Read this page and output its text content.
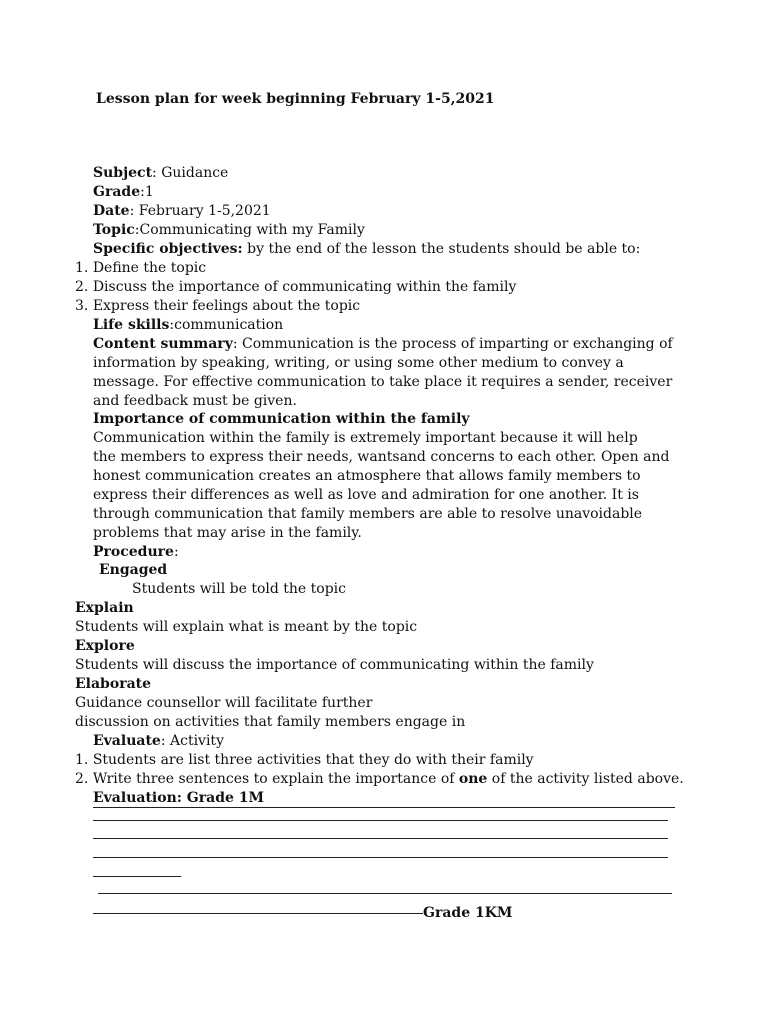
Lesson plan for week beginning February 1-5,2021
Subject: Guidance
Grade:1
Date: February 1-5,2021
Topic:Communicating with my Family
Specific objectives: by the end of the lesson the students should be able to:
1. Define the topic
2. Discuss the importance of communicating within the family
3. Express their feelings about the topic
Life skills:communication
Content summary: Communication is the process of imparting or exchanging of
information by speaking, writing, or using some other medium to convey a
message. For effective communication to take place it requires a sender, receiver
and feedback must be given.
Importance of communication within the family
Communication within the family is extremely important because it will help
the members to express their needs, wantsand concerns to each other. Open and
honest communication creates an atmosphere that allows family members to
express their differences as well as love and admiration for one another. It is
through communication that family members are able to resolve unavoidable
problems that may arise in the family.
Procedure:
Engaged
Students will be told the topic
Explain
Students will explain what is meant by the topic
Explore
Students will discuss the importance of communicating within the family
Elaborate
Guidance counsellor will facilitate further
discussion on activities that family members engage in
Evaluate: Activity
1. Students are list three activities that they do with their family
2. Write three sentences to explain the importance of one of the activity listed above.
Evaluation: Grade 1M
Grade 1KM
